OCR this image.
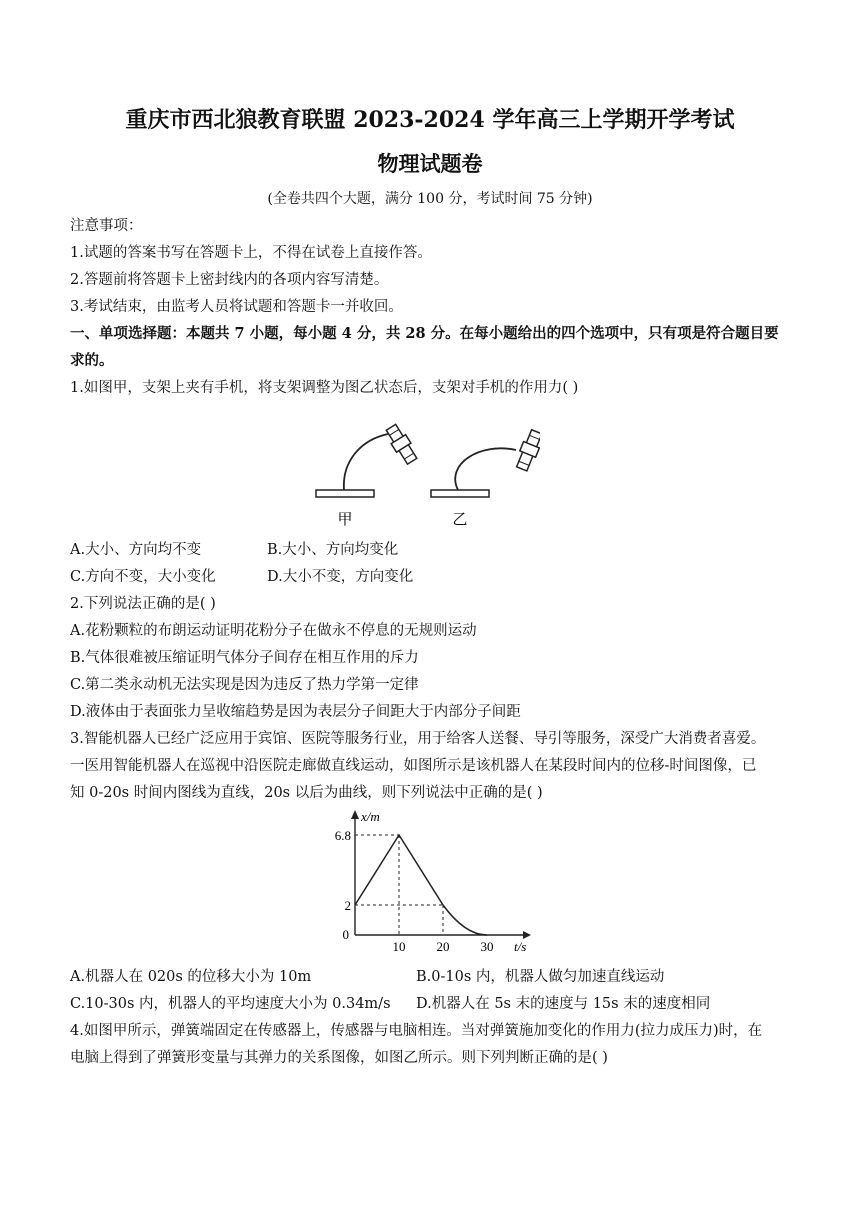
重庆市西北狼教育联盟 2023-2024 学年高三上学期开学考试
物理试题卷
(全卷共四个大题，满分 100 分，考试时间 75 分钟)
注意事项：
1.试题的答案书写在答题卡上，不得在试卷上直接作答。
2.答题前将答题卡上密封线内的各项内容写清楚。
3.考试结束，由监考人员将试题和答题卡一并收回。
一、单项选择题：本题共 7 小题，每小题 4 分，共 28 分。在每小题给出的四个选项中，只有项是符合题目要
求的。
1.如图甲，支架上夹有手机，将支架调整为图乙状态后，支架对手机的作用力( )
甲	乙
A.大小、方向均不变	B.大小、方向均变化
C.方向不变，大小变化	D.大小不变，方向变化
2.下列说法正确的是( )
A.花粉颗粒的布朗运动证明花粉分子在做永不停息的无规则运动
B.气体很难被压缩证明气体分子间存在相互作用的斥力
C.第二类永动机无法实现是因为违反了热力学第一定律
D.液体由于表面张力呈收缩趋势是因为表层分子间距大于内部分子间距
3.智能机器人已经广泛应用于宾馆、医院等服务行业，用于给客人送餐、导引等服务，深受广大消费者喜爱。
一医用智能机器人在巡视中沿医院走廊做直线运动，如图所示是该机器人在某段时间内的位移-时间图像，已
知 0-20s 时间内图线为直线，20s 以后为曲线，则下列说法中正确的是( )
x/m
t/s
0
6.8
2
10 20 30
A.机器人在 020s 的位移大小为 10m	B.0-10s 内，机器人做匀加速直线运动
C.10-30s 内，机器人的平均速度大小为 0.34m/s D.机器人在 5s 末的速度与 15s 末的速度相同
4.如图甲所示，弹簧端固定在传感器上，传感器与电脑相连。当对弹簧施加变化的作用力(拉力成压力)时，在
电脑上得到了弹簧形变量与其弹力的关系图像，如图乙所示。则下列判断正确的是( )
